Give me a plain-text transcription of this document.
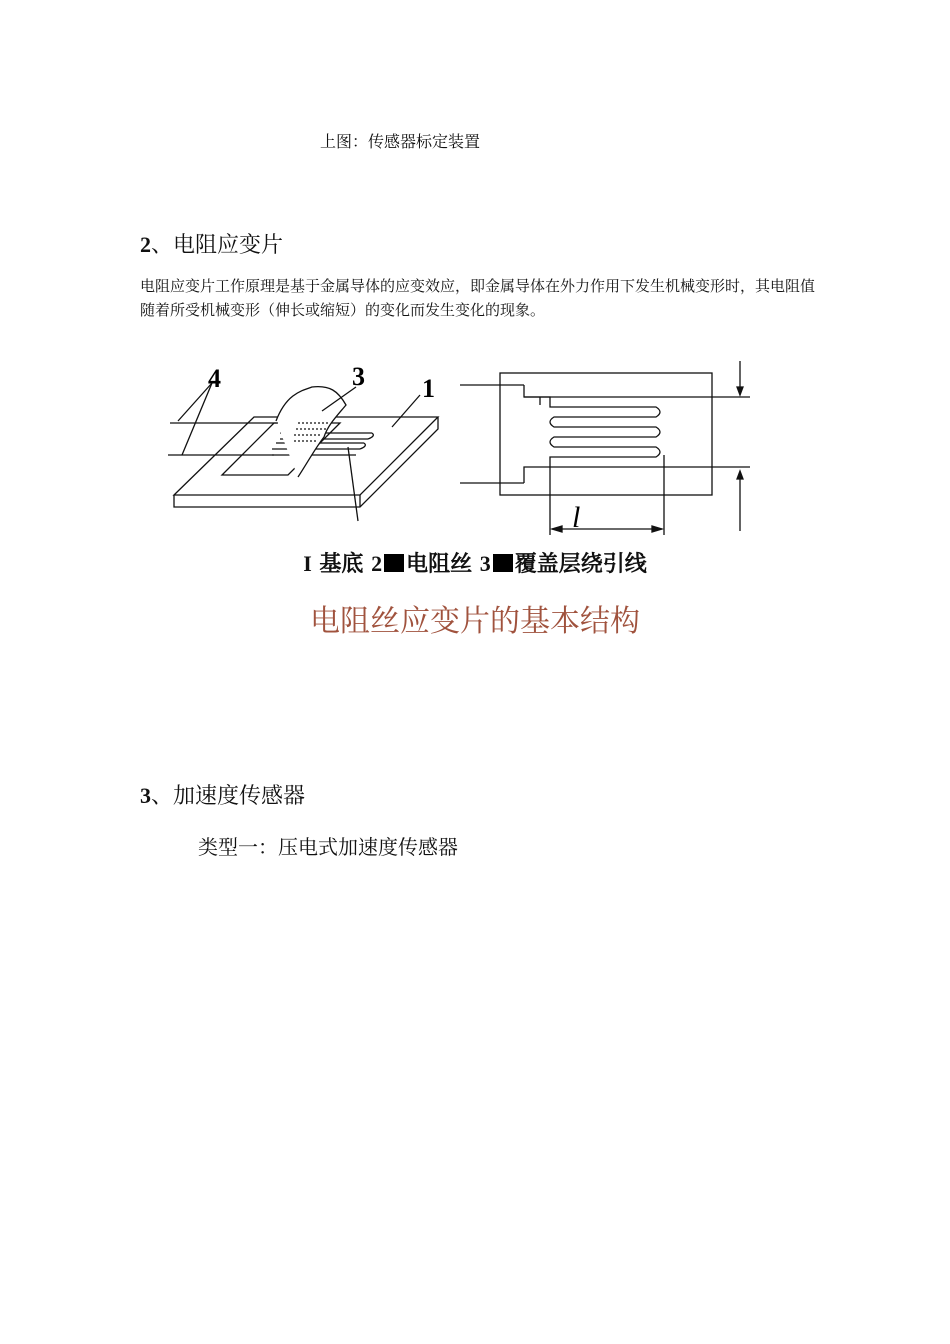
上图：传感器标定装置
2、电阻应变片
电阻应变片工作原理是基于金属导体的应变效应，即金属导体在外力作用下发生机械变形时，其电阻值随着所受机械变形（伸长或缩短）的变化而发生变化的现象。
4	3 1
l
I 基底 2 电阻丝 3 覆盖层绕引线
电阻丝应变片的基本结构
3、加速度传感器
类型一：压电式加速度传感器
